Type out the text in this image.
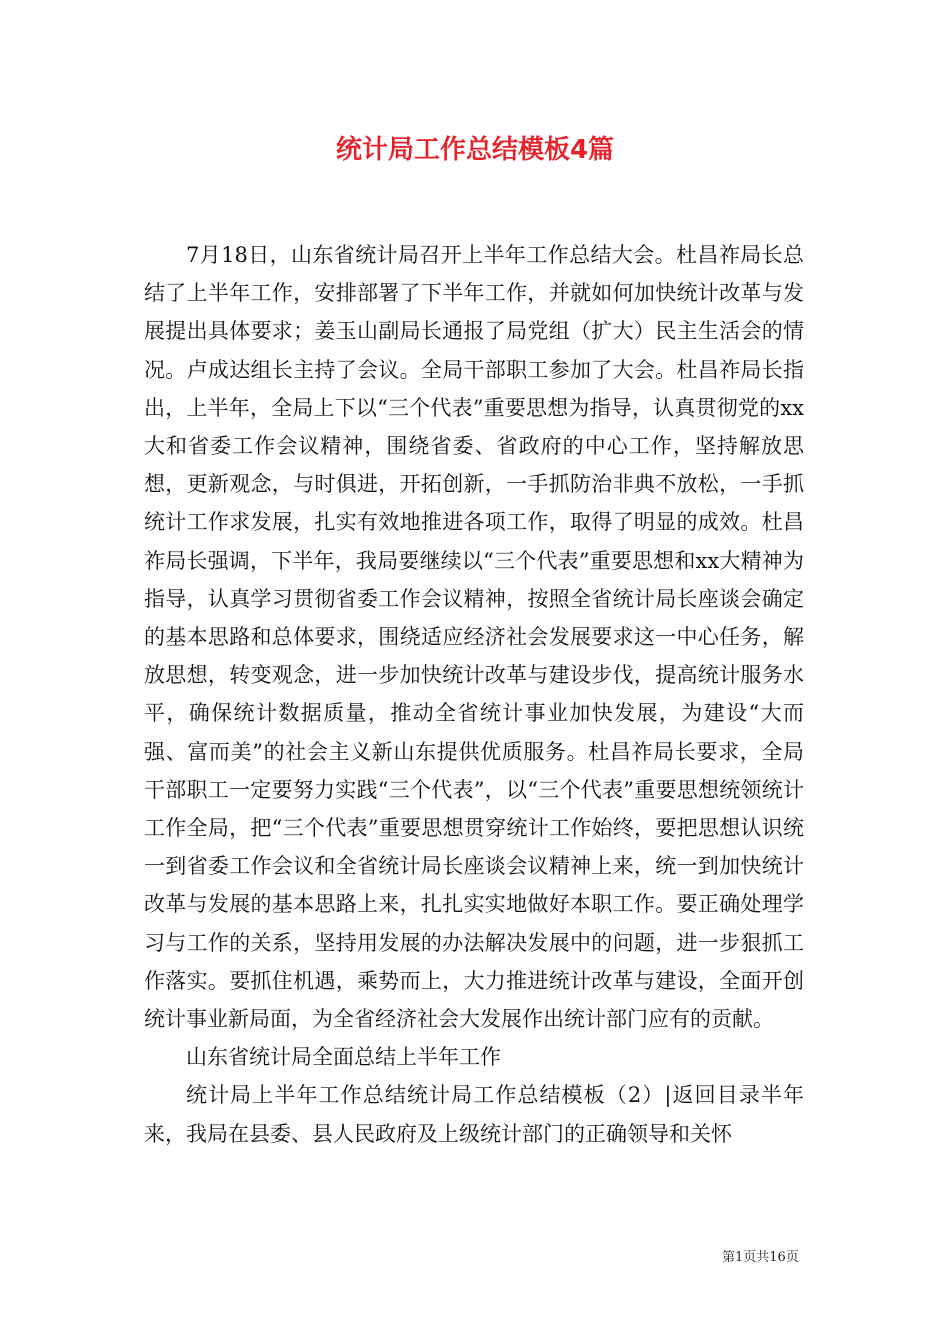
统计局工作总结模板4篇

7月18日，山东省统计局召开上半年工作总结大会。杜昌祚局长总结了上半年工作，安排部署了下半年工作，并就如何加快统计改革与发展提出具体要求；姜玉山副局长通报了局党组（扩大）民主生活会的情况。卢成达组长主持了会议。全局干部职工参加了大会。杜昌祚局长指出，上半年，全局上下以“三个代表”重要思想为指导，认真贯彻党的xx大和省委工作会议精神，围绕省委、省政府的中心工作，坚持解放思想，更新观念，与时俱进，开拓创新，一手抓防治非典不放松，一手抓统计工作求发展，扎实有效地推进各项工作，取得了明显的成效。杜昌祚局长强调，下半年，我局要继续以“三个代表”重要思想和xx大精神为指导，认真学习贯彻省委工作会议精神，按照全省统计局长座谈会确定的基本思路和总体要求，围绕适应经济社会发展要求这一中心任务，解放思想，转变观念，进一步加快统计改革与建设步伐，提高统计服务水平，确保统计数据质量，推动全省统计事业加快发展，为建设“大而强、富而美”的社会主义新山东提供优质服务。杜昌祚局长要求，全局干部职工一定要努力实践“三个代表”，以“三个代表”重要思想统领统计工作全局，把“三个代表”重要思想贯穿统计工作始终，要把思想认识统一到省委工作会议和全省统计局长座谈会议精神上来，统一到加快统计改革与发展的基本思路上来，扎扎实实地做好本职工作。要正确处理学习与工作的关系，坚持用发展的办法解决发展中的问题，进一步狠抓工作落实。要抓住机遇，乘势而上，大力推进统计改革与建设，全面开创统计事业新局面，为全省经济社会大发展作出统计部门应有的贡献。

山东省统计局全面总结上半年工作

统计局上半年工作总结统计局工作总结模板（2）|返回目录半年来，我局在县委、县人民政府及上级统计部门的正确领导和关怀

第1页共16页
